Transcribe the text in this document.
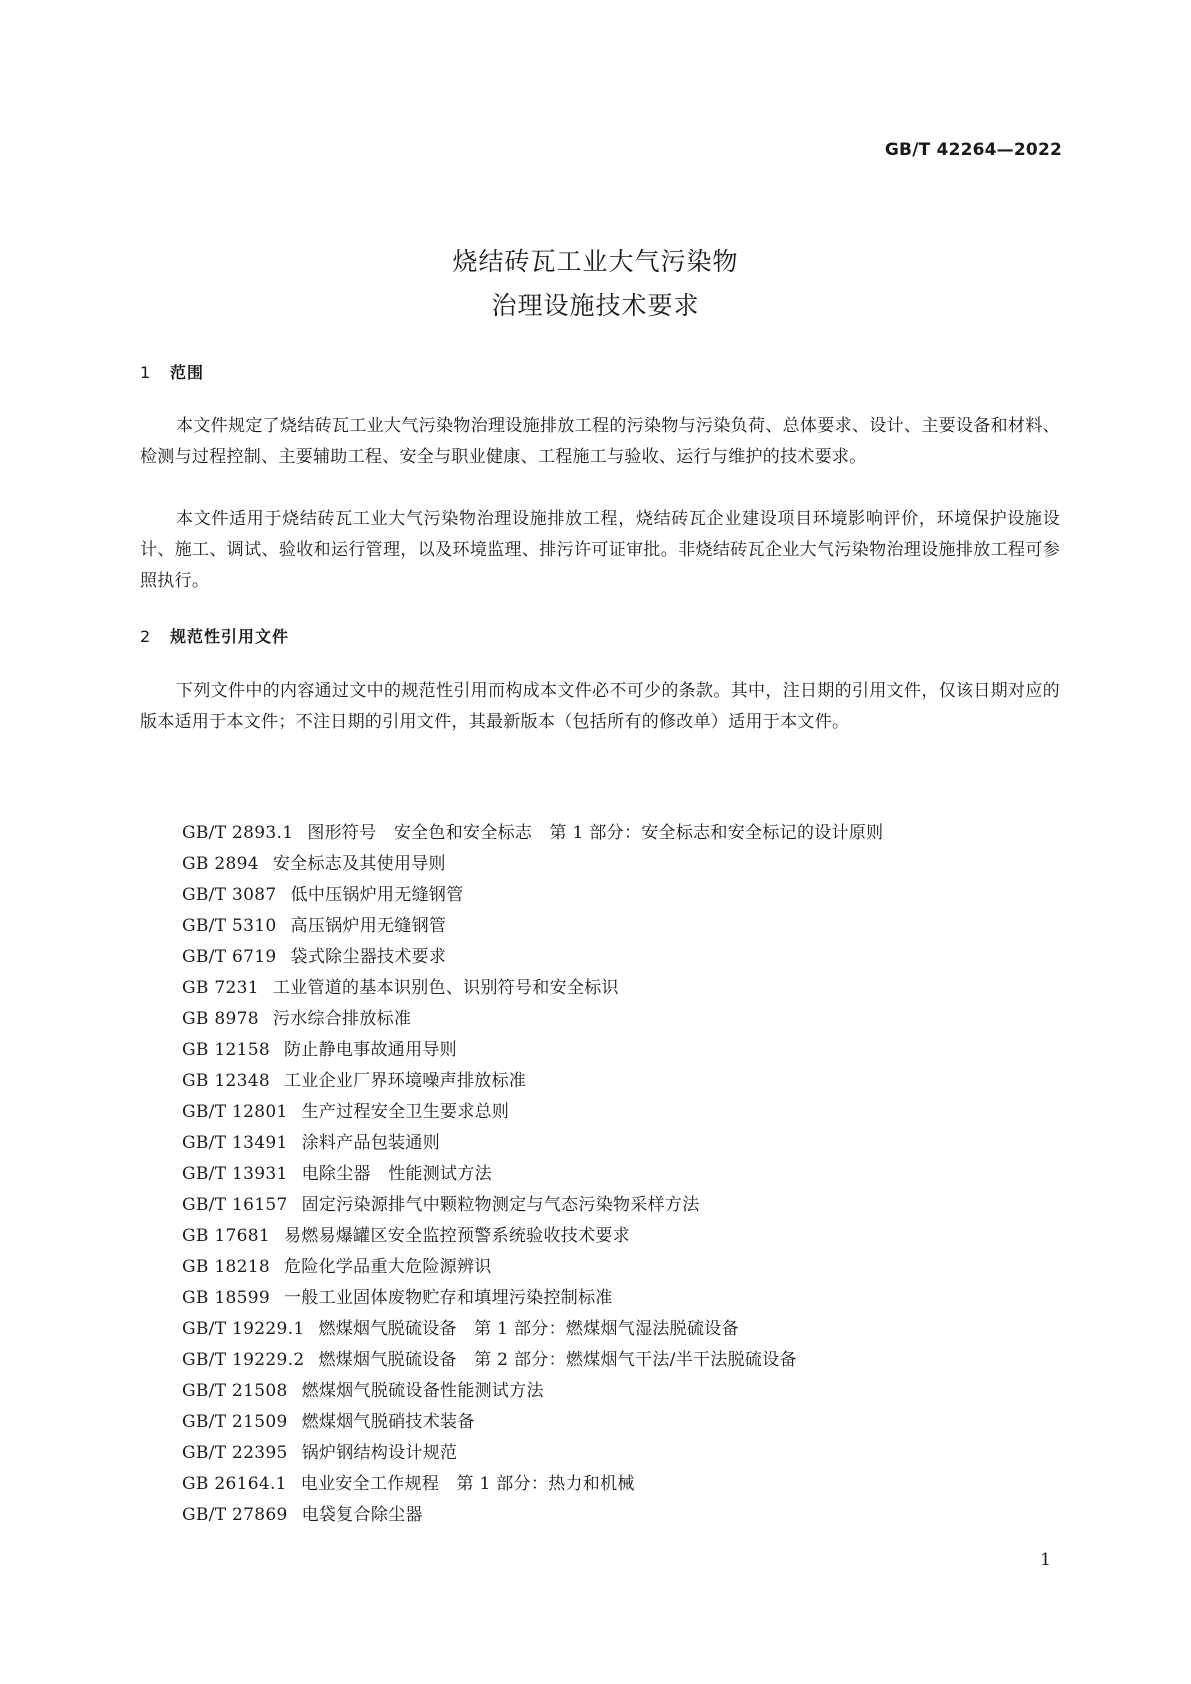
GB/T 42264—2022
烧结砖瓦工业大气污染物
治理设施技术要求
1 范围

本文件规定了烧结砖瓦工业大气污染物治理设施排放工程的污染物与污染负荷、总体要求、设计、主要设备和材料、检测与过程控制、主要辅助工程、安全与职业健康、工程施工与验收、运行与维护的技术要求。

本文件适用于烧结砖瓦工业大气污染物治理设施排放工程，烧结砖瓦企业建设项目环境影响评价，环境保护设施设计、施工、调试、验收和运行管理，以及环境监理、排污许可证审批。非烧结砖瓦企业大气污染物治理设施排放工程可参照执行。

2 规范性引用文件

下列文件中的内容通过文中的规范性引用而构成本文件必不可少的条款。其中，注日期的引用文件，仅该日期对应的版本适用于本文件；不注日期的引用文件，其最新版本（包括所有的修改单）适用于本文件。

GB/T 2893.1 图形符号　安全色和安全标志　第 1 部分：安全标志和安全标记的设计原则
GB 2894 安全标志及其使用导则
GB/T 3087 低中压锅炉用无缝钢管
GB/T 5310 高压锅炉用无缝钢管
GB/T 6719 袋式除尘器技术要求
GB 7231 工业管道的基本识别色、识别符号和安全标识
GB 8978 污水综合排放标准
GB 12158 防止静电事故通用导则
GB 12348 工业企业厂界环境噪声排放标准
GB/T 12801 生产过程安全卫生要求总则
GB/T 13491 涂料产品包装通则
GB/T 13931 电除尘器　性能测试方法
GB/T 16157 固定污染源排气中颗粒物测定与气态污染物采样方法
GB 17681 易燃易爆罐区安全监控预警系统验收技术要求
GB 18218 危险化学品重大危险源辨识
GB 18599 一般工业固体废物贮存和填埋污染控制标准
GB/T 19229.1 燃煤烟气脱硫设备　第 1 部分：燃煤烟气湿法脱硫设备
GB/T 19229.2 燃煤烟气脱硫设备　第 2 部分：燃煤烟气干法/半干法脱硫设备
GB/T 21508 燃煤烟气脱硫设备性能测试方法
GB/T 21509 燃煤烟气脱硝技术装备
GB/T 22395 锅炉钢结构设计规范
GB 26164.1 电业安全工作规程　第 1 部分：热力和机械
GB/T 27869 电袋复合除尘器
1
